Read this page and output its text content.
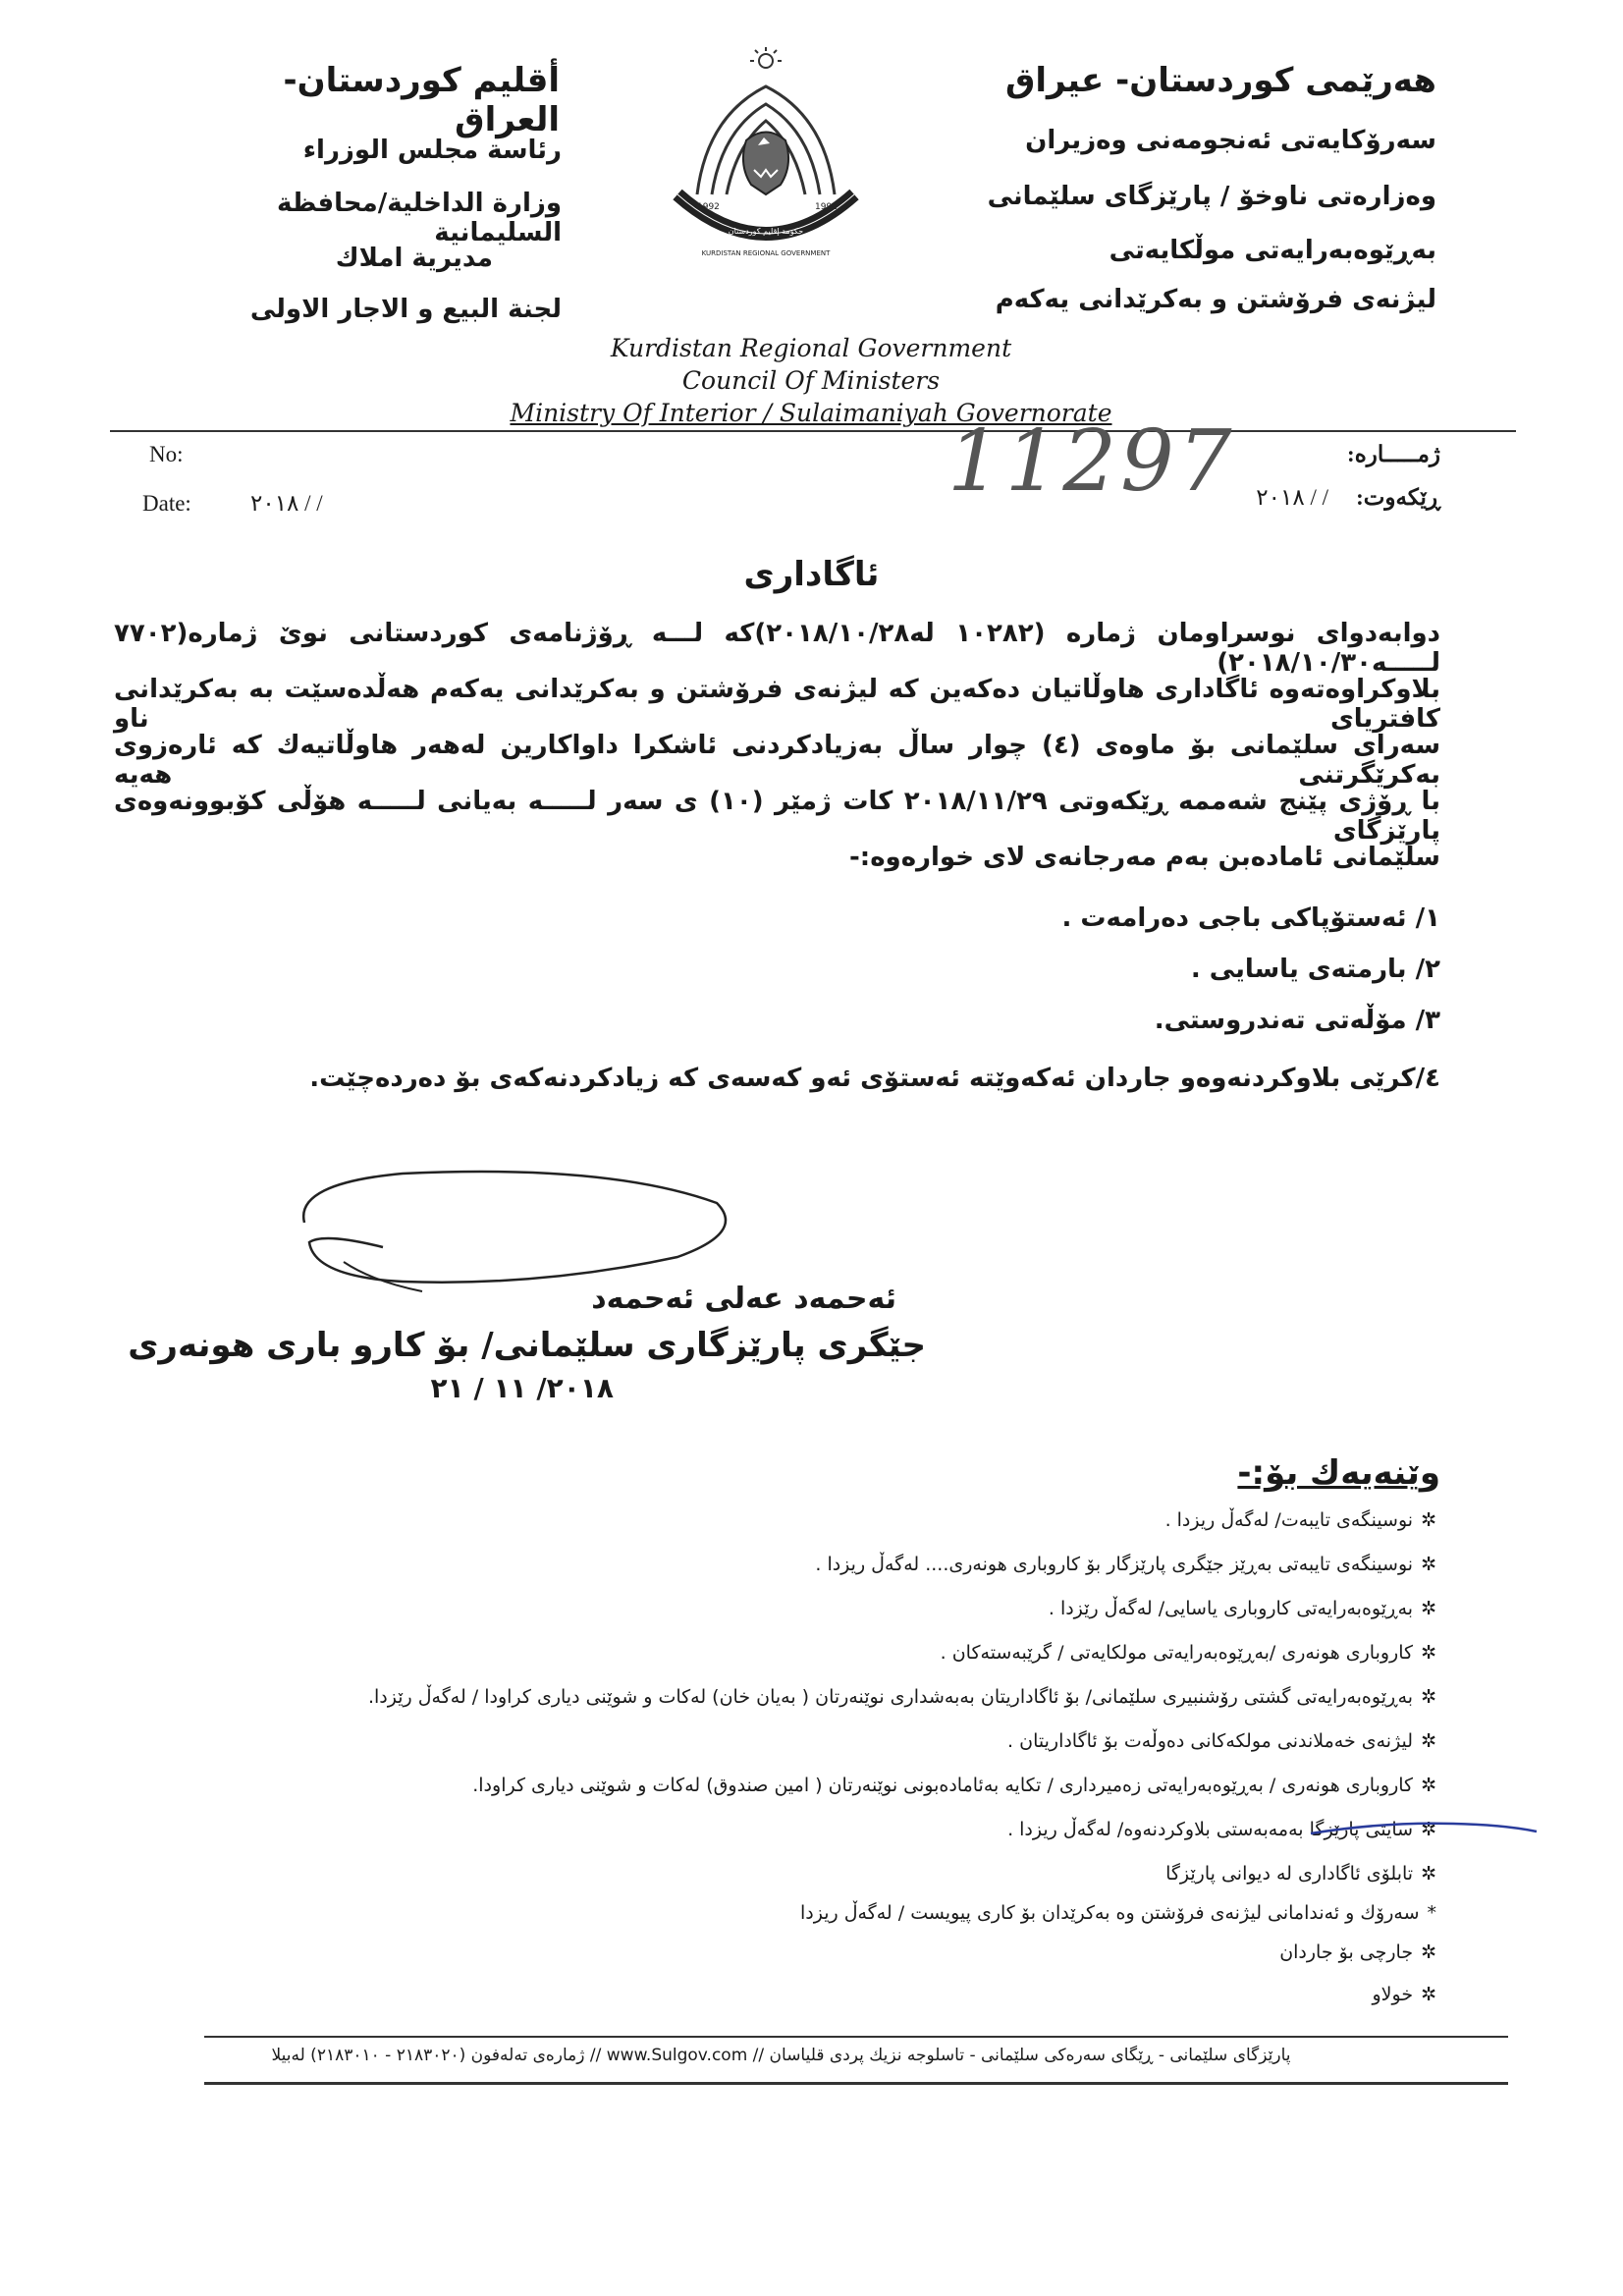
هەرێمی کوردستان- عیراق
سەرۆکایەتی ئەنجومەنی وەزیران
وەزارەتی ناوخۆ / پارێزگای سلێمانی
بەڕێوەبەرایەتی موڵکایەتی
لیژنەی فرۆشتن و بەکرێدانی یەکەم
أقليم كوردستان- العراق
رئاسة مجلس الوزراء
وزارة الداخلية/محافظة السليمانية
مديرية املاك
لجنة البيع و الاجار الاولى
1992	1992
حكومة إقليم كوردستان
KURDISTAN REGIONAL GOVERNMENT
Kurdistan Regional Government
Council Of Ministers
Ministry Of Interior / Sulaimaniyah Governorate
No:
Date:	/ / ٢٠١٨
ژمـــــاره:
ڕێکەوت:
/ / ٢٠١٨
11297
ئاگاداری
دوابەدوای نوسراومان ژماره (١٠٢٨٢ له٢٠١٨/١٠/٢٨)كه لـــه ڕۆژنامەی كوردستانی نوێ ژماره(٧٧٠٢ لـــــه٢٠١٨/١٠/٣٠)
بلاوكراوەتەوە ئاگاداری هاوڵاتیان دەكەین كه لیژنەی فرۆشتن و بەكرێدانی یەكەم هەڵدەسێت بە بەكرێدانی كافتریای ناو
سەرای سلێمانی بۆ ماوەی (٤) چوار ساڵ بەزیادكردنی ئاشكرا داواكارین لەهەر هاوڵاتیەك كە ئارەزوی بەكرێگرتنی هەیە
با ڕۆژی پێنج شەممە ڕێكەوتی ٢٠١٨/١١/٢٩ كات ژمێر (١٠) ی سەر لـــــه بەیانی لـــــه هۆڵی كۆبوونەوەی پارێزگای
سلێمانی ئامادەبن بەم مەرجانەی لای خوارەوە:-
١/ ئەستۆپاكی باجی دەرامەت .
٢/ بارمتەی یاسایی .
٣/ مۆڵەتی تەندروستی.
٤/كرێی بلاوكردنەوەو جاردان ئەكەوێتە ئەستۆی ئەو كەسەی كە زیادكردنەكەی بۆ دەردەچێت.
ئەحمەد عەلی ئەحمەد
جێگری پارێزگاری سلێمانی/ بۆ كارو باری هونەری
٢٠١٨/ ١١ / ٢١
وێنەیەك بۆ:-
✲نوسینگەی تایبەت/ لەگەڵ ریزدا .
✲نوسینگەی تایبەتی بەڕێز جێگری پارێزگار بۆ كاروباری هونەری.... لەگەڵ ریزدا .
✲بەڕێوەبەرایەتی كاروباری یاسایی/ لەگەڵ رێزدا .
✲كاروباری هونەری /بەڕێوەبەرایەتی مولكایەتی / گرێبەستەكان .
✲بەڕێوەبەرایەتی گشتی رۆشنبیری سلێمانی/ بۆ ئاگاداریتان بەبەشداری نوێنەرتان ( بەیان خان) لەكات و شوێنی دیاری كراودا / لەگەڵ رێزدا.
✲لیژنەی خەملاندنی مولكەكانی دەوڵەت بۆ ئاگاداریتان .
✲كاروباری هونەری / بەڕێوەبەرایەتی زەمیرداری / تكایە بەئامادەبونی نوێنەرتان ( امین صندوق) لەكات و شوێنی دیاری كراودا.
✲سایتی پارێزگا بەمەبەستی بلاوكردنەوە/ لەگەڵ ریزدا .
✲تابلۆی ئاگاداری لە دیوانی پارێزگا
*سەرۆك و ئەندامانی لیژنەی فرۆشتن وە بەكرێدان بۆ كاری پیویست / لەگەڵ ریزدا
✲جارچی بۆ جاردان
✲خولاو
پارێزگای سلێمانی - ڕێگای سەرەكی سلێمانی - تاسلوجە نزیك پردی قلیاسان // www.Sulgov.com // ژمارەی تەلەفون (٢١٨٣٠٢٠ - ٢١٨٣٠١٠) لەبیلا
